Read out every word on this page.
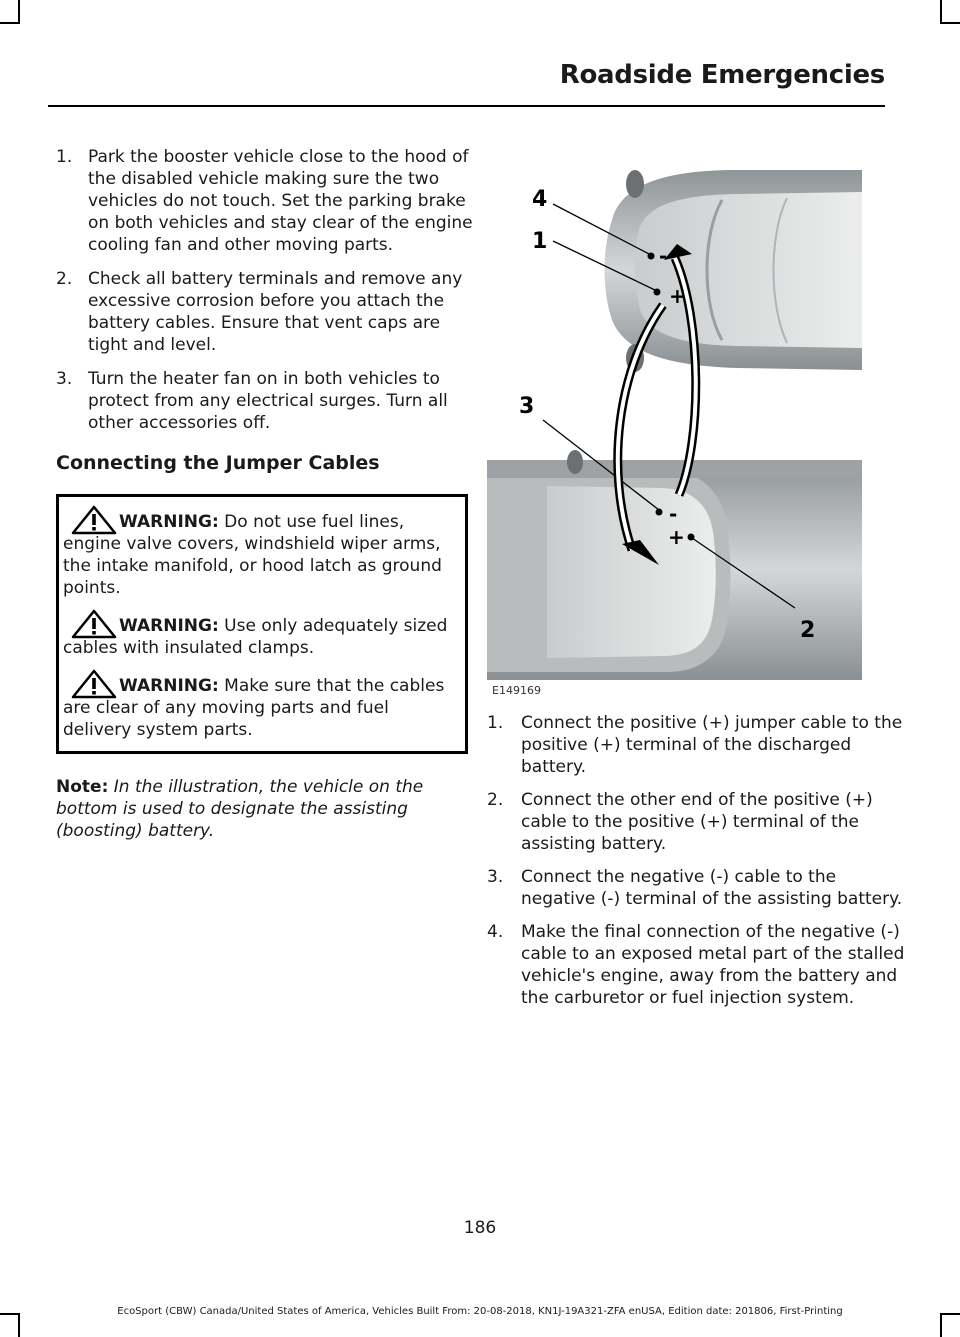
Roadside Emergencies
1. Park the booster vehicle close to the hood of the disabled vehicle making sure the two vehicles do not touch. Set the parking brake on both vehicles and stay clear of the engine cooling fan and other moving parts.
2. Check all battery terminals and remove any excessive corrosion before you attach the battery cables. Ensure that vent caps are tight and level.
3. Turn the heater fan on in both vehicles to protect from any electrical surges. Turn all other accessories off.
Connecting the Jumper Cables
WARNING: Do not use fuel lines, engine valve covers, windshield wiper arms, the intake manifold, or hood latch as ground points.
WARNING: Use only adequately sized cables with insulated clamps.
WARNING: Make sure that the cables are clear of any moving parts and fuel delivery system parts.

Note: In the illustration, the vehicle on the bottom is used to designate the assisting (boosting) battery.

-
+
-
+
4
1
3
2
E149169
1. Connect the positive (+) jumper cable to the positive (+) terminal of the discharged battery.
2. Connect the other end of the positive (+) cable to the positive (+) terminal of the assisting battery.
3. Connect the negative (-) cable to the negative (-) terminal of the assisting battery.
4. Make the final connection of the negative (-) cable to an exposed metal part of the stalled vehicle's engine, away from the battery and the carburetor or fuel injection system.

186

EcoSport (CBW) Canada/United States of America, Vehicles Built From: 20-08-2018, KN1J-19A321-ZFA enUSA, Edition date: 201806, First-Printing
